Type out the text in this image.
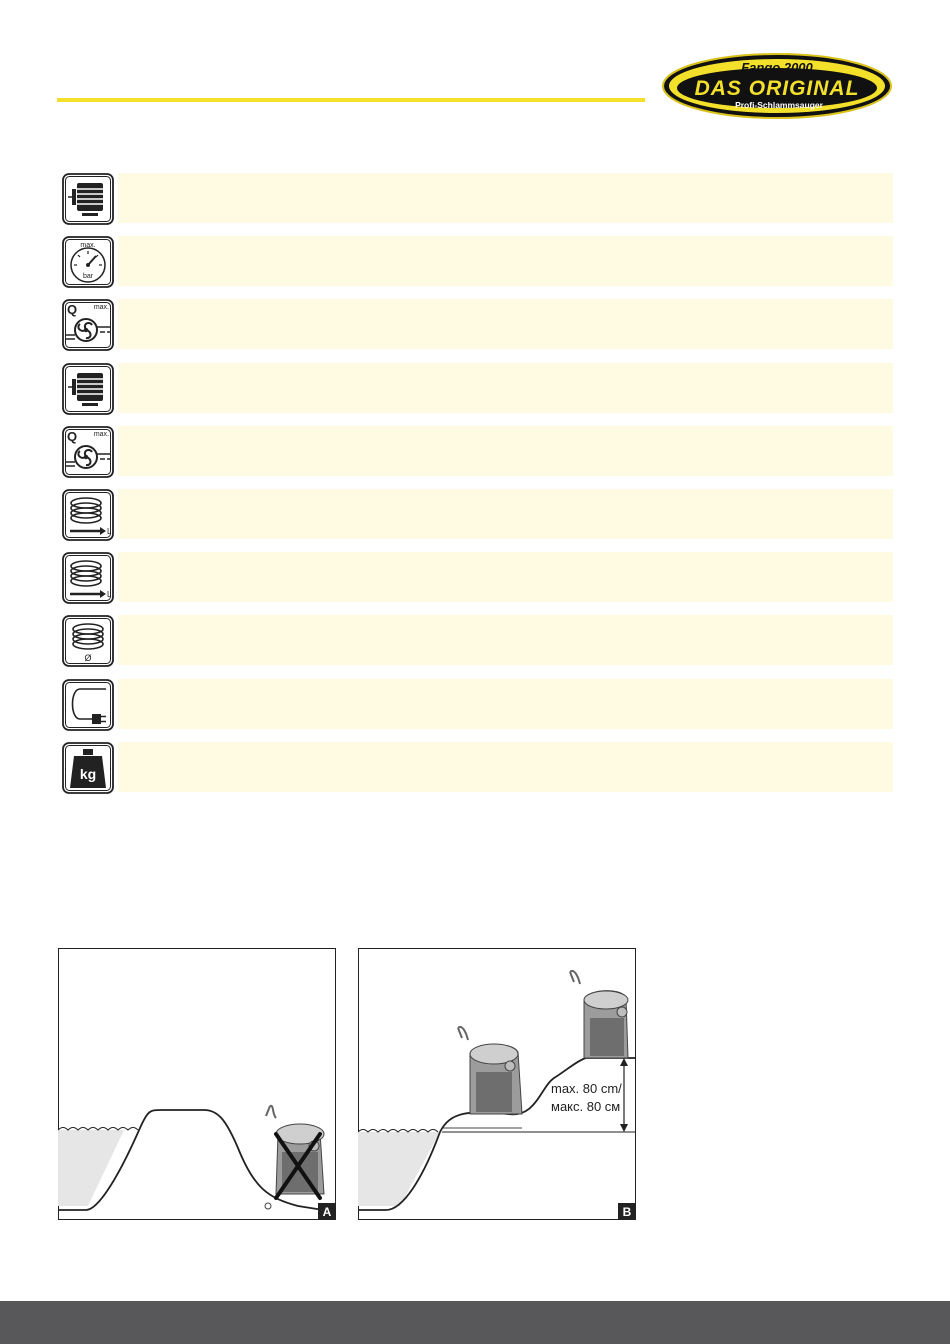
Fango 2000
DAS ORIGINAL
Profi-Schlammsauger
max.
bar
Q max.
Q max.
L
L
Ø
kg
A
max. 80 cm/
макс. 80 см
B
